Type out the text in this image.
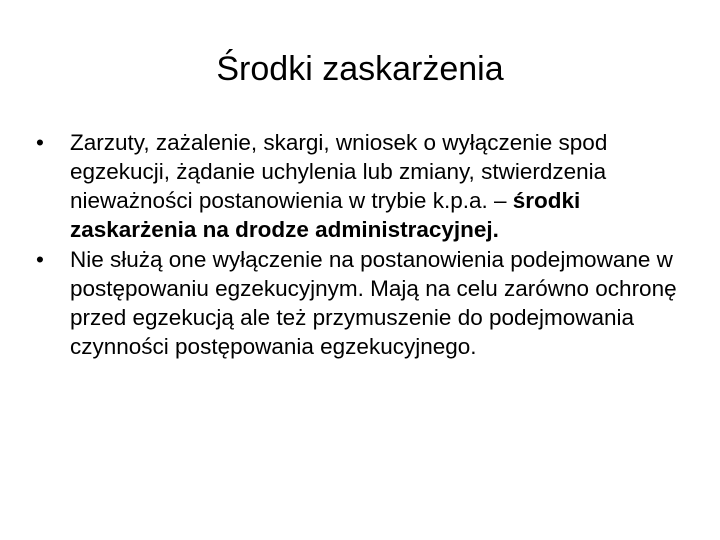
Środki zaskarżenia
•	Zarzuty, zażalenie, skargi, wniosek o wyłączenie spod egzekucji, żądanie uchylenia lub zmiany, stwierdzenia nieważności postanowienia w trybie k.p.a. – środki zaskarżenia na drodze administracyjnej.
•	Nie służą one wyłączenie na postanowienia podejmowane w postępowaniu egzekucyjnym. Mają na celu zarówno ochronę przed egzekucją ale też przymuszenie do podejmowania czynności postępowania egzekucyjnego.
